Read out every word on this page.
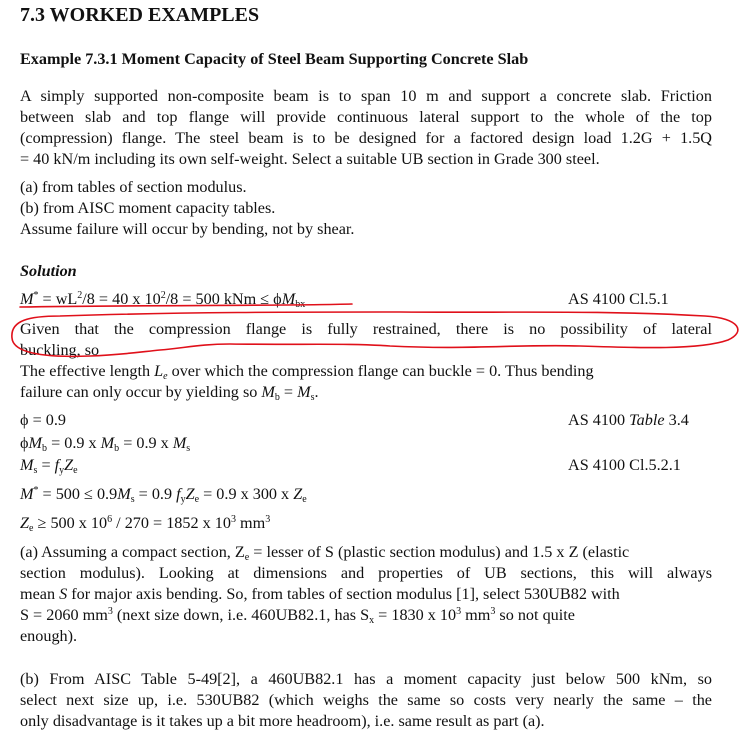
7.3 WORKED EXAMPLES
Example 7.3.1 Moment Capacity of Steel Beam Supporting Concrete Slab
A simply supported non-composite beam is to span 10 m and support a concrete slab. Friction
between slab and top flange will provide continuous lateral support to the whole of the top
(compression) flange. The steel beam is to be designed for a factored design load 1.2G + 1.5Q
= 40 kN/m including its own self-weight. Select a suitable UB section in Grade 300 steel.
(a) from tables of section modulus.
(b) from AISC moment capacity tables.
Assume failure will occur by bending, not by shear.
Solution
$M^* = wL^2/8 = 40$ x $10^2/8 = 500$ kNm ≤ $\phi M_{bx}$	AS 4100 Cl.5.1
Given that the compression flange is fully restrained, there is no possibility of lateral
buckling, so
The effective length $L_e$ over which the compression flange can buckle = 0. Thus bending
failure can only occur by yielding so $M_b = M_s$.
ϕ = 0.9	AS 4100 Table 3.4
$\phi M_b = 0.9$ x $M_b = 0.9$ x $M_s$
$M_s = f_yZ_e$	AS 4100 Cl.5.2.1
$M^* = 500 \le 0.9M_s = 0.9$ $f_yZ_e = 0.9$ x 300 x $Z_e$
$Z_e \ge 500$ x $10^6 / 270 = 1852$ x $10^3$ $mm^3$
(a) Assuming a compact section, $Z_e$ = lesser of S (plastic section modulus) and 1.5 x Z (elastic
section modulus). Looking at dimensions and properties of UB sections, this will always
mean S for major axis bending. So, from tables of section modulus [1], select 530UB82 with
S = 2060 $mm^3$ (next size down, i.e. 460UB82.1, has $S_x = 1830$ x $10^3$ $mm^3$ so not quite
enough).
(b) From AISC Table 5-49[2], a 460UB82.1 has a moment capacity just below 500 kNm, so
select next size up, i.e. 530UB82 (which weighs the same so costs very nearly the same – the
only disadvantage is it takes up a bit more headroom), i.e. same result as part (a).
